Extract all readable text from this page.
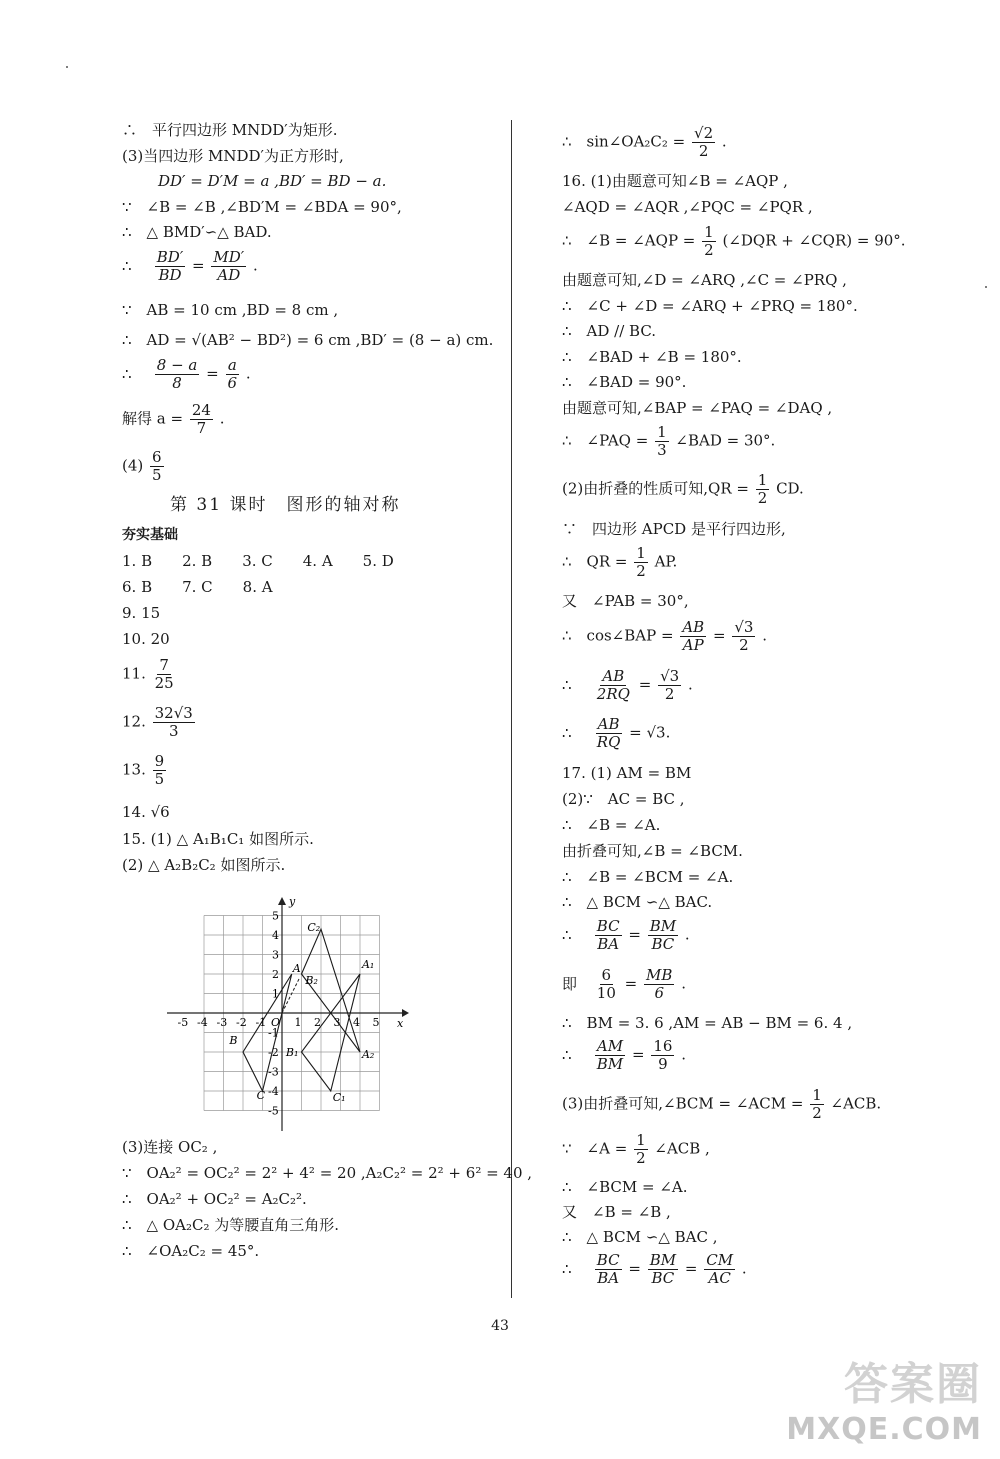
∴　平行四边形 MNDD′为矩形.
(3)当四边形 MNDD′为正方形时,
DD′ = D′M = a ,BD′ = BD − a.
∵　∠B = ∠B ,∠BD′M = ∠BDA = 90°,
∴　△ BMD′∽△ BAD.
∴ $\frac{BD'}{BD} = \frac{MD'}{AD}$ .
∵　AB = 10 cm ,BD = 8 cm ,
∴　AD = √(AB² − BD²) = 6 cm ,BD′ = (8 − a) cm.
∴ $\frac{8 - a}{8} = \frac{a}{6}$ .
解得 $a = \frac{24}{7}$ .
$(4) \frac{6}{5}$
第 31 课时　图形的轴对称
夯实基础
1. B　　2. B　　3. C　　4. A　　5. D
6. B　　7. C　　8. A
9. 15
10. 20
11. $\frac{7}{25}$
12. $\frac{32√3}{3}$
13. $\frac{9}{5}$
14. √6
15. (1) △ A₁B₁C₁ 如图所示.
(2) △ A₂B₂C₂ 如图所示.
x
y
O
-5 -4 -3 -2 -1	1 2 3 4 5
5
4
3
2
1
-1
-2
-3
-4
-5
A
B
C
A₁
B₁
C₁
A₂
B₂
C₂
(3)连接 OC₂ ,
∵　OA₂² = OC₂² = 2² + 4² = 20 ,A₂C₂² = 2² + 6² = 40 ,
∴　OA₂² + OC₂² = A₂C₂².
∴　△ OA₂C₂ 为等腰直角三角形.
∴　∠OA₂C₂ = 45°.
∴　sin∠OA₂C₂ = $\frac{√2}{2}$ .
16. (1)由题意可知∠B = ∠AQP ,
∠AQD = ∠AQR ,∠PQC = ∠PQR ,
∴　∠B = ∠AQP = $\frac{1}{2}$ (∠DQR + ∠CQR) = 90°.
由题意可知,∠D = ∠ARQ ,∠C = ∠PRQ ,
∴　∠C + ∠D = ∠ARQ + ∠PRQ = 180°.
∴　AD // BC.
∴　∠BAD + ∠B = 180°.
∴　∠BAD = 90°.
由题意可知,∠BAP = ∠PAQ = ∠DAQ ,
∴　∠PAQ = $\frac{1}{3}$ ∠BAD = 30°.
(2)由折叠的性质可知$,QR = \frac{1}{2}$ CD.
∵　四边形 APCD 是平行四边形,
∴　QR = $\frac{1}{2}$ AP.
又　∠PAB = 30°,
∴　cos∠BAP = $\frac{AB}{AP} = \frac{√3}{2}$ .
∴ $\frac{AB}{2RQ} = \frac{√3}{2}$ .
∴ $\frac{AB}{RQ} = √3$.
17. (1) AM = BM
(2)∵　AC = BC ,
∴　∠B = ∠A.
由折叠可知,∠B = ∠BCM.
∴　∠B = ∠BCM = ∠A.
∴　△ BCM ∽△ BAC.
∴ $\frac{BC}{BA} = \frac{BM}{BC}$ .
即 $\frac{6}{10} = \frac{MB}{6}$ .
∴　BM = 3. 6 ,AM = AB − BM = 6. 4 ,
∴ $\frac{AM}{BM} = \frac{16}{9}$ .
(3)由折叠可知,∠BCM = ∠ACM = $\frac{1}{2}$ ∠ACB.
∵　∠A = $\frac{1}{2}$ ∠ACB ,
∴　∠BCM = ∠A.
又　∠B = ∠B ,
∴　△ BCM ∽△ BAC ,
∴ $\frac{BC}{BA} = \frac{BM}{BC} = \frac{CM}{AC}$ .
43
答案圈
MXQE.COM
